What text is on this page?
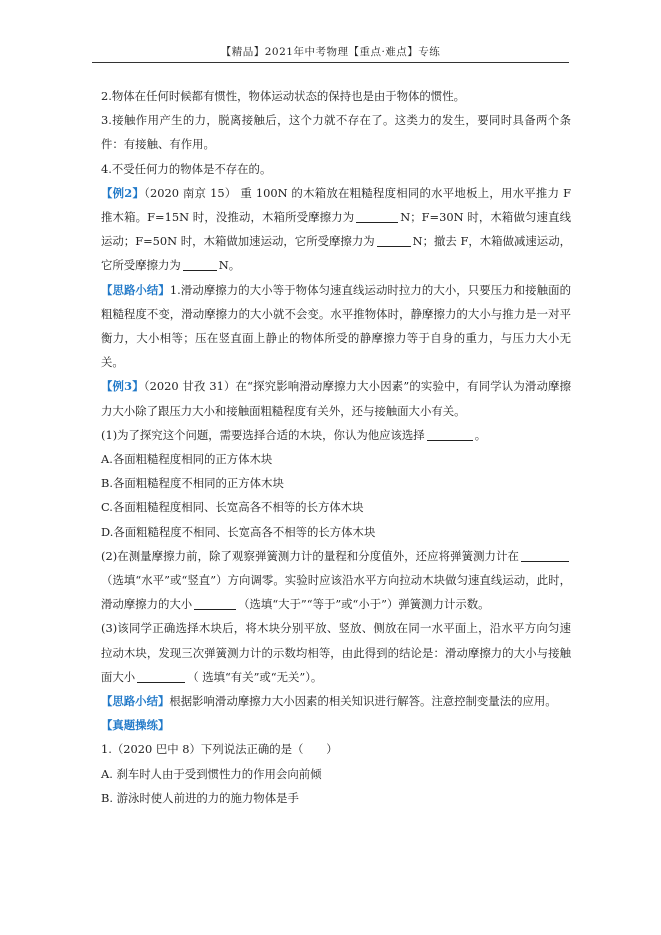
【精品】2021年中考物理【重点·难点】专练

2.物体在任何时候都有惯性，物体运动状态的保持也是由于物体的惯性。

3.接触作用产生的力，脱离接触后，这个力就不存在了。这类力的发生，要同时具备两个条件：有接触、有作用。

4.不受任何力的物体是不存在的。

【例2】（2020 南京 15） 重 100N 的木箱放在粗糙程度相同的水平地板上，用水平推力 F 推木箱。F=15N 时，没推动，木箱所受摩擦力为	N；F=30N 时，木箱做匀速直线运动；F=50N 时，木箱做加速运动，它所受摩擦力为	N；撤去 F，木箱做减速运动，它所受摩擦力为	N。

【思路小结】1.滑动摩擦力的大小等于物体匀速直线运动时拉力的大小，只要压力和接触面的粗糙程度不变，滑动摩擦力的大小就不会变。水平推物体时，静摩擦力的大小与推力是一对平衡力，大小相等；压在竖直面上静止的物体所受的静摩擦力等于自身的重力，与压力大小无关。

【例3】（2020 甘孜 31）在“探究影响滑动摩擦力大小因素”的实验中，有同学认为滑动摩擦力大小除了跟压力大小和接触面粗糙程度有关外，还与接触面大小有关。

(1)为了探究这个问题，需要选择合适的木块，你认为他应该选择	。

A.各面粗糙程度相同的正方体木块

B.各面粗糙程度不相同的正方体木块

C.各面粗糙程度相同、长宽高各不相等的长方体木块

D.各面粗糙程度不相同、长宽高各不相等的长方体木块

(2)在测量摩擦力前，除了观察弹簧测力计的量程和分度值外，还应将弹簧测力计在（选填“水平”或“竖直”）方向调零。实验时应该沿水平方向拉动木块做匀速直线运动，此时，滑动摩擦力的大小	（选填“大于”“等于”或“小于”）弹簧测力计示数。

(3)该同学正确选择木块后，将木块分别平放、竖放、侧放在同一水平面上，沿水平方向匀速拉动木块，发现三次弹簧测力计的示数均相等，由此得到的结论是：滑动摩擦力的大小与接触面大小	（ 选填“有关”或“无关”）。

【思路小结】根据影响滑动摩擦力大小因素的相关知识进行解答。注意控制变量法的应用。

【真题操练】

1.（2020 巴中 8）下列说法正确的是（　　）

A. 刹车时人由于受到惯性力的作用会向前倾

B. 游泳时使人前进的力的施力物体是手
